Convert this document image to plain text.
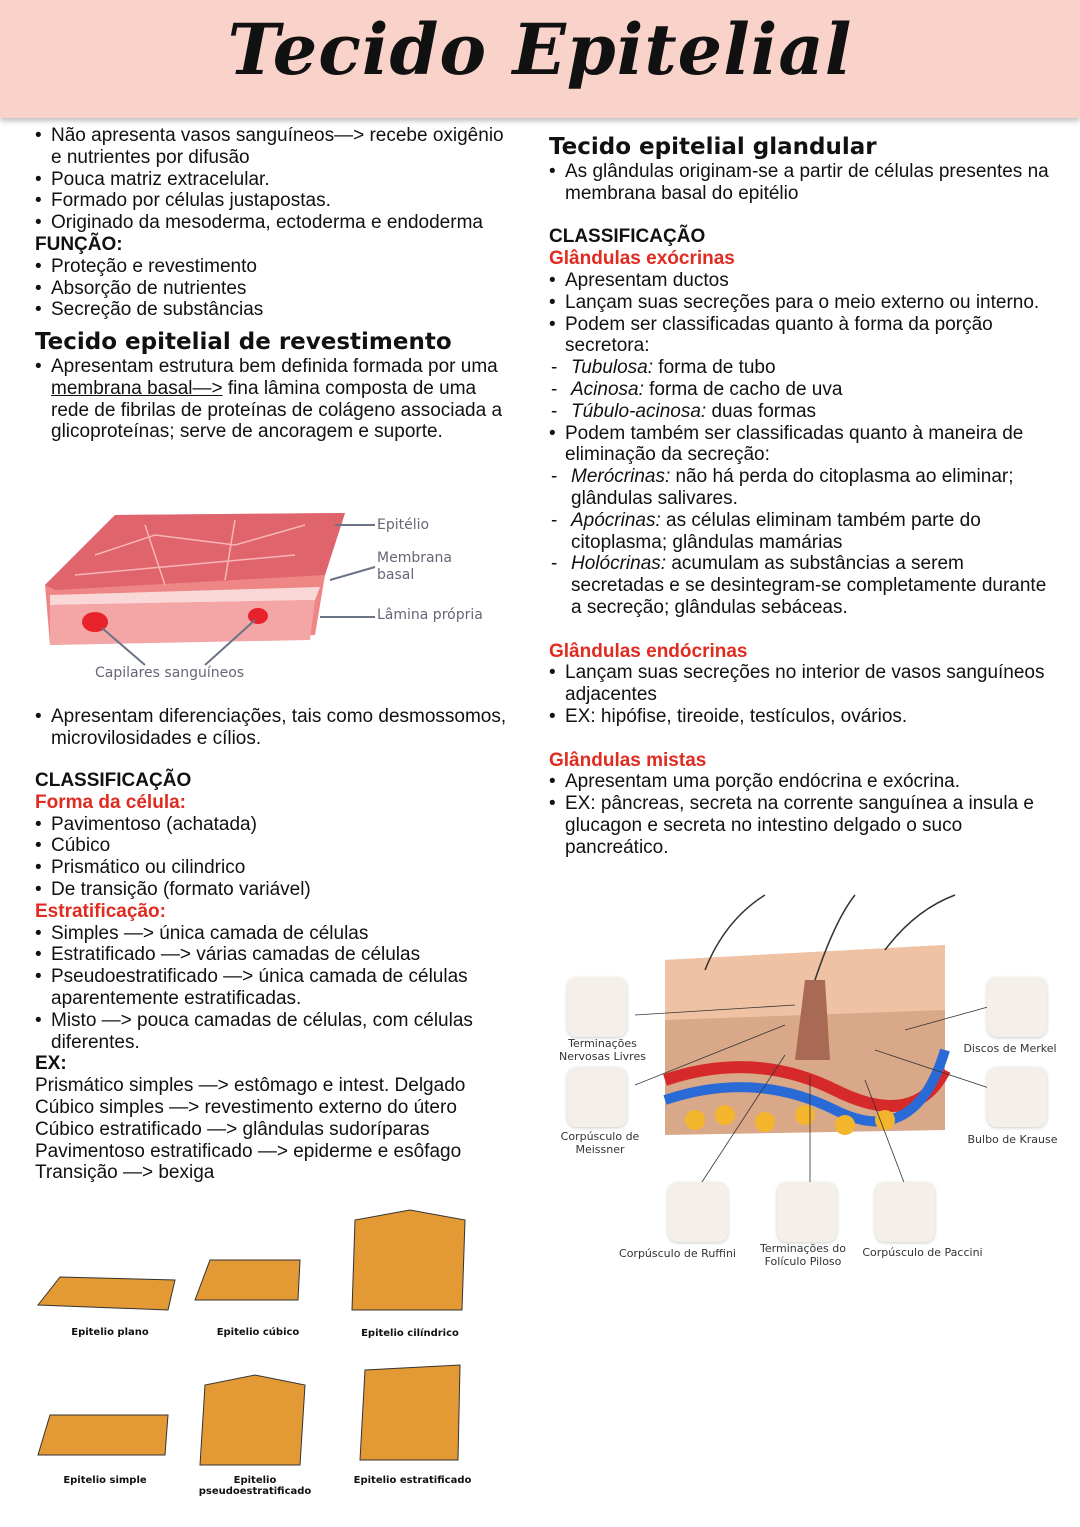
Tecido Epitelial
• Não apresenta vasos sanguíneos—> recebe oxigênio e nutrientes por difusão
• Pouca matriz extracelular.
• Formado por células justapostas.
• Originado da mesoderma, ectoderma e endoderma
FUNÇÃO:
• Proteção e revestimento
• Absorção de nutrientes
• Secreção de substâncias
Tecido epitelial de revestimento
• Apresentam estrutura bem definida formada por uma membrana basal—> fina lâmina composta de uma rede de fibrilas de proteínas de colágeno associada a glicoproteínas; serve de ancoragem e suporte.
Epitélio
Membrana basal
Lâmina própria
Capilares sanguíneos
• Apresentam diferenciações, tais como desmossomos, microvilosidades e cílios.
CLASSIFICAÇÃO
Forma da célula:
• Pavimentoso (achatada)
• Cúbico
• Prismático ou cilindrico
• De transição (formato variável)
Estratificação:
• Simples —> única camada de células
• Estratificado —> várias camadas de células
• Pseudoestratificado —> única camada de células aparentemente estratificadas.
• Misto —> pouca camadas de células, com células diferentes.
EX:
Prismático simples —> estômago e intest. Delgado
Cúbico simples —> revestimento externo do útero
Cúbico estratificado —> glândulas sudoríparas
Pavimentoso estratificado —> epiderme e esôfago
Transição —> bexiga
Epitelio plano	Epitelio cúbico	Epitelio cilíndrico
Epitelio simple	Epitelio pseudoestratificado
Epitelio estratificado
Tecido epitelial glandular
• As glândulas originam-se a partir de células presentes na membrana basal do epitélio
CLASSIFICAÇÃO
Glândulas exócrinas
• Apresentam ductos
• Lançam suas secreções para o meio externo ou interno.
• Podem ser classificadas quanto à forma da porção secretora:
- Tubulosa: forma de tubo
- Acinosa: forma de cacho de uva
- Túbulo-acinosa: duas formas
• Podem também ser classificadas quanto à maneira de eliminação da secreção:
- Merócrinas: não há perda do citoplasma ao eliminar; glândulas salivares.
- Apócrinas: as células eliminam também parte do citoplasma; glândulas mamárias
- Holócrinas: acumulam as substâncias a serem secretadas e se desintegram-se completamente durante a secreção; glândulas sebáceas.
Glândulas endócrinas
• Lançam suas secreções no interior de vasos sanguíneos adjacentes
• EX: hipófise, tireoide, testículos, ovários.
Glândulas mistas
• Apresentam uma porção endócrina e exócrina.
• EX: pâncreas, secreta na corrente sanguínea a insula e glucagon e secreta no intestino delgado o suco pancreático.
Terminações Nervosas Livres
Corpúsculo de Meissner
Discos de Merkel
Bulbo de Krause
Corpúsculo de Ruffini	Terminações do Folículo Piloso
Corpúsculo de Paccini
